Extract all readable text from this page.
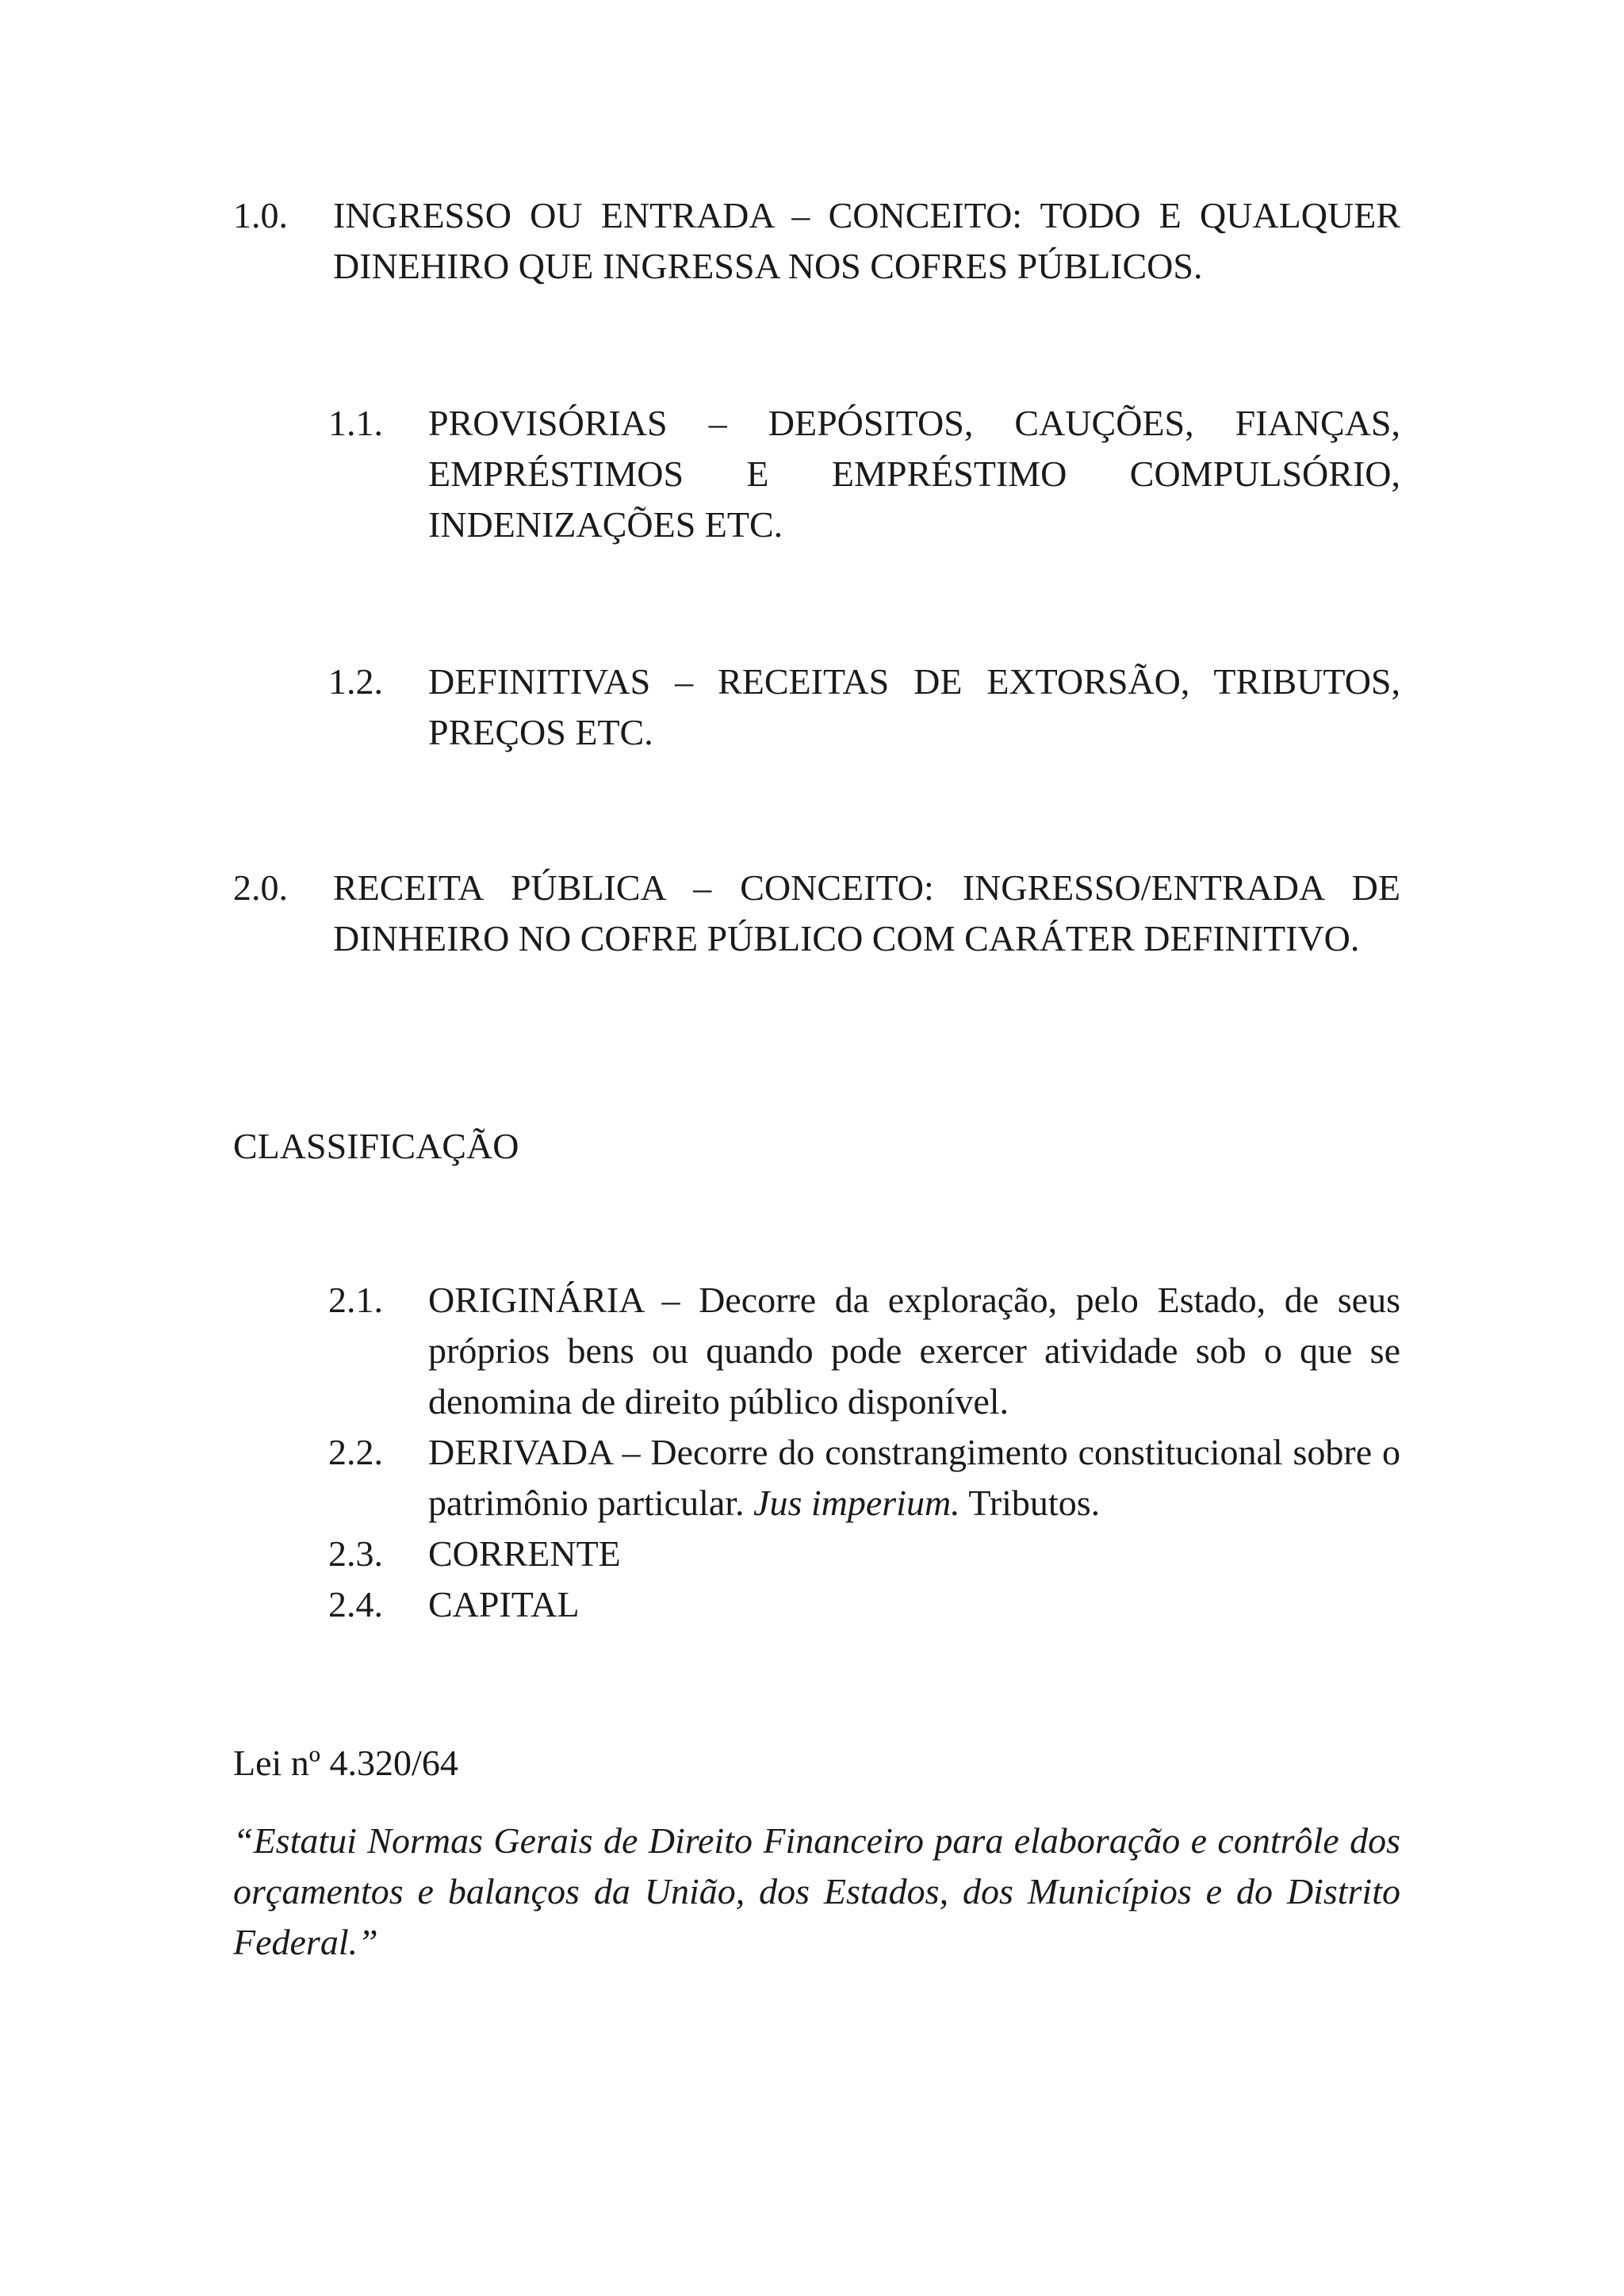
1.0. INGRESSO OU ENTRADA – CONCEITO: TODO E QUALQUER DINEHIRO QUE INGRESSA NOS COFRES PÚBLICOS.
1.1. PROVISÓRIAS – DEPÓSITOS, CAUÇÕES, FIANÇAS, EMPRÉSTIMOS E EMPRÉSTIMO COMPULSÓRIO, INDENIZAÇÕES ETC.
1.2. DEFINITIVAS – RECEITAS DE EXTORSÃO, TRIBUTOS, PREÇOS ETC.
2.0. RECEITA PÚBLICA – CONCEITO: INGRESSO/ENTRADA DE DINHEIRO NO COFRE PÚBLICO COM CARÁTER DEFINITIVO.
CLASSIFICAÇÃO
2.1. ORIGINÁRIA – Decorre da exploração, pelo Estado, de seus próprios bens ou quando pode exercer atividade sob o que se denomina de direito público disponível.
2.2. DERIVADA – Decorre do constrangimento constitucional sobre o patrimônio particular. Jus imperium. Tributos.
2.3. CORRENTE
2.4. CAPITAL
Lei nº 4.320/64
“Estatui Normas Gerais de Direito Financeiro para elaboração e contrôle dos orçamentos e balanços da União, dos Estados, dos Municípios e do Distrito Federal.”
